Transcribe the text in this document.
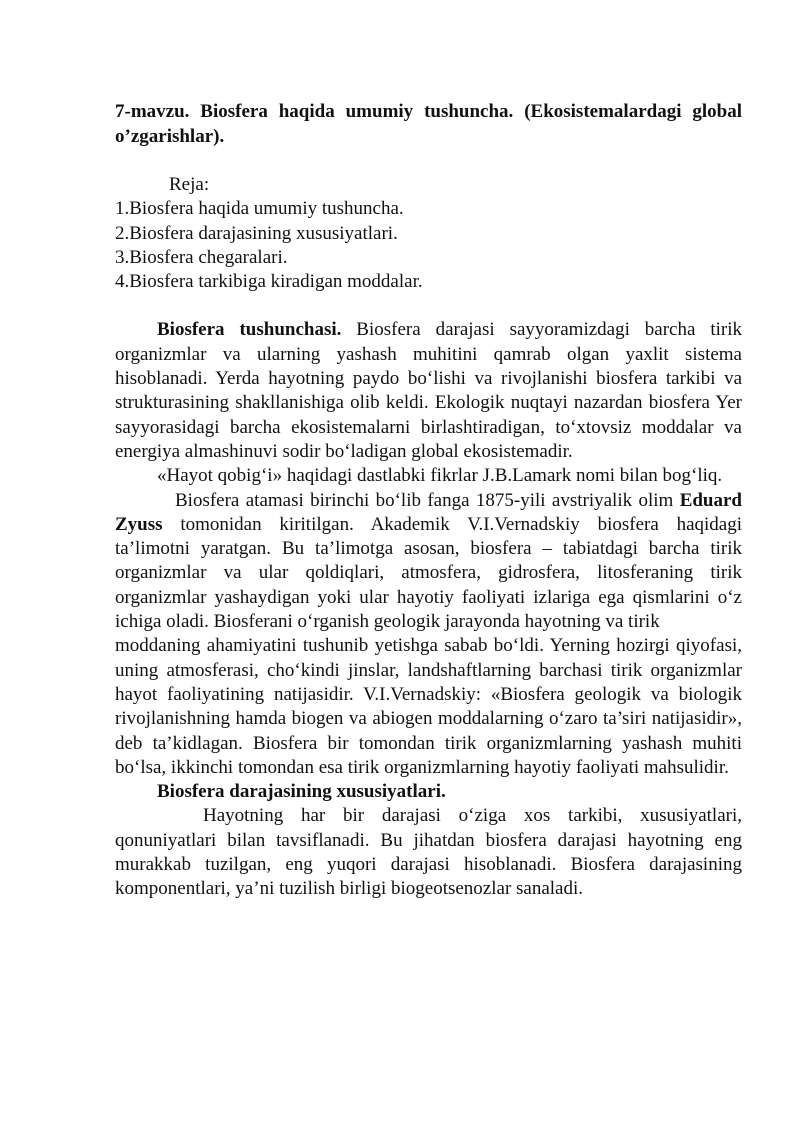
7-mavzu. Biosfera haqida umumiy tushuncha. (Ekosistemalardagi global o’zgarishlar).

Reja:

1.Biosfera haqida umumiy tushuncha.
2.Biosfera darajasining xususiyatlari.
3.Biosfera chegaralari.
4.Biosfera tarkibiga kiradigan moddalar.

Biosfera tushunchasi. Biosfera darajasi sayyoramizdagi barcha tirik organizmlar va ularning yashash muhitini qamrab olgan yaxlit sistema hisoblanadi. Yerda hayotning paydo bo‘lishi va rivojlanishi biosfera tarkibi va strukturasining shakllanishiga olib keldi. Ekologik nuqtayi nazardan biosfera Yer sayyorasidagi barcha ekosistemalarni birlashtiradigan, to‘xtovsiz moddalar va energiya almashinuvi sodir bo‘ladigan global ekosistemadir.

«Hayot qobig‘i» haqidagi dastlabki fikrlar J.B.Lamark nomi bilan bog‘liq.

Biosfera atamasi birinchi bo‘lib fanga 1875-yili avstriyalik olim Eduard Zyuss tomonidan kiritilgan. Akademik V.I.Vernadskiy biosfera haqidagi ta’limotni yaratgan. Bu ta’limotga asosan, biosfera – tabiatdagi barcha tirik organizmlar va ular qoldiqlari, atmosfera, gidrosfera, litosferaning tirik organizmlar yashaydigan yoki ular hayotiy faoliyati izlariga ega qismlarini o‘z ichiga oladi. Biosferani o‘rganish geologik jarayonda hayotning va tirik

moddaning ahamiyatini tushunib yetishga sabab bo‘ldi. Yerning hozirgi qiyofasi, uning atmosferasi, cho‘kindi jinslar, landshaftlarning barchasi tirik organizmlar hayot faoliyatining natijasidir. V.I.Vernadskiy: «Biosfera geologik va biologik rivojlanishning hamda biogen va abiogen moddalarning o‘zaro ta’siri natijasidir», deb ta’kidlagan. Biosfera bir tomondan tirik organizmlarning yashash muhiti bo‘lsa, ikkinchi tomondan esa tirik organizmlarning hayotiy faoliyati mahsulidir.

Biosfera darajasining xususiyatlari.

Hayotning har bir darajasi o‘ziga xos tarkibi, xususiyatlari, qonuniyatlari bilan tavsiflanadi. Bu jihatdan biosfera darajasi hayotning eng murakkab tuzilgan, eng yuqori darajasi hisoblanadi. Biosfera darajasining komponentlari, ya’ni tuzilish birligi biogeotsenozlar sanaladi.
